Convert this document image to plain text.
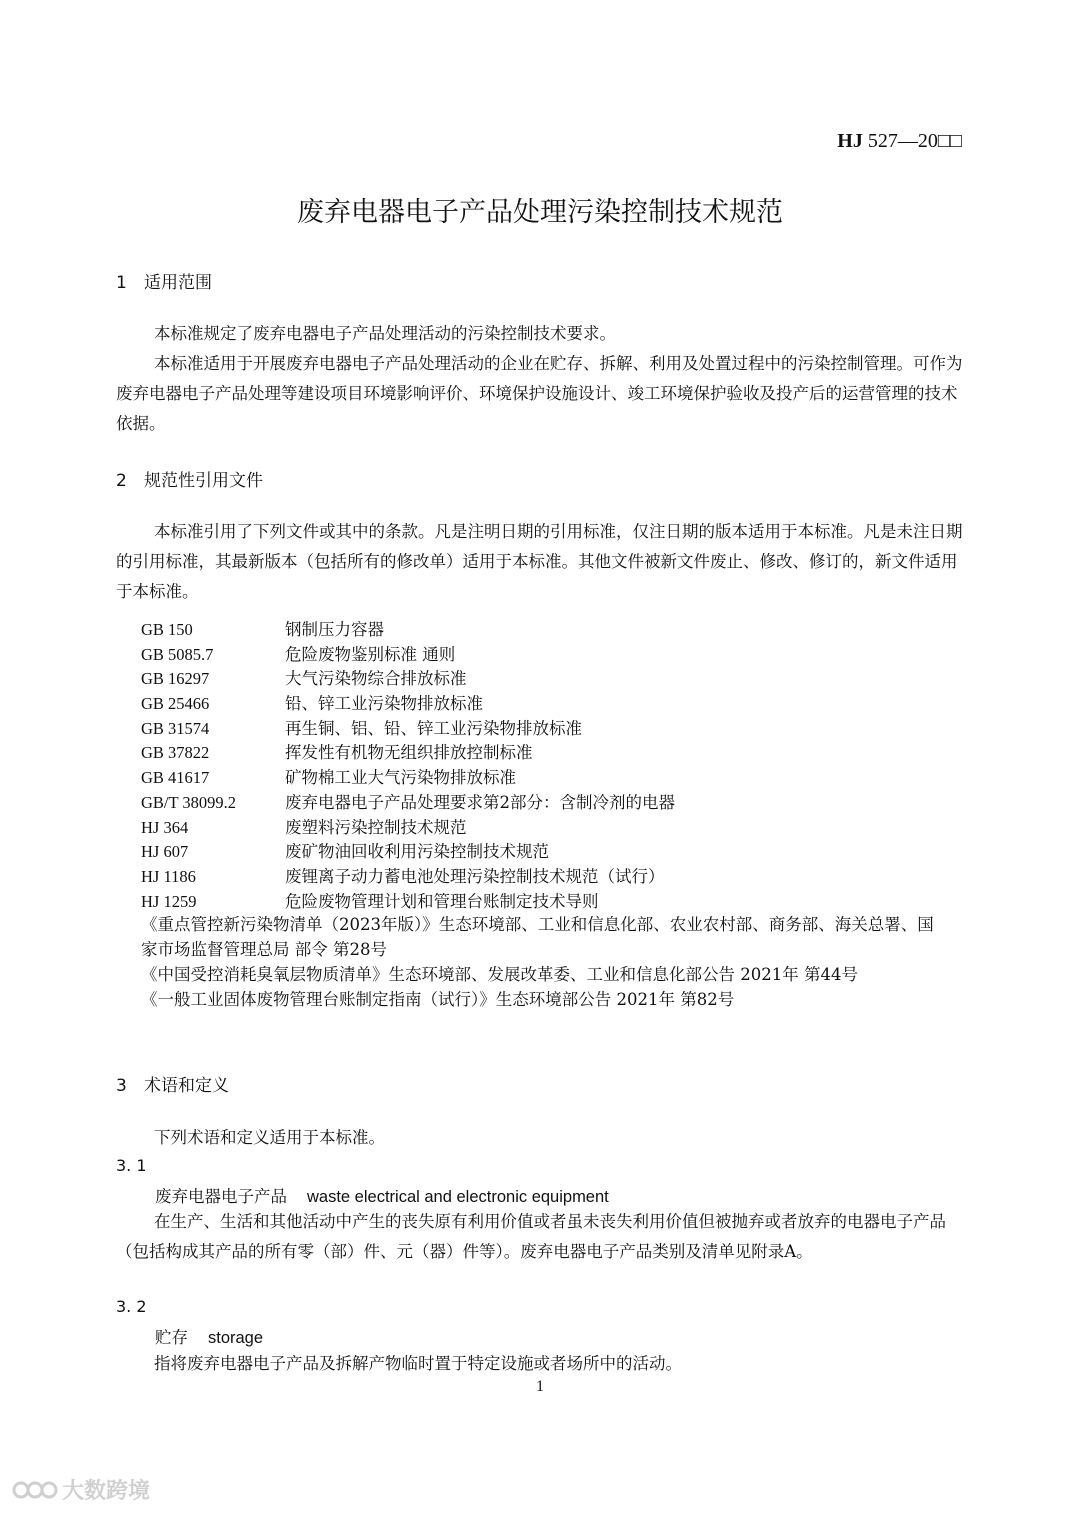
HJ 527—20□□
废弃电器电子产品处理污染控制技术规范
1 适用范围
本标准规定了废弃电器电子产品处理活动的污染控制技术要求。
本标准适用于开展废弃电器电子产品处理活动的企业在贮存、拆解、利用及处置过程中的污染控制管理。可作为废弃电器电子产品处理等建设项目环境影响评价、环境保护设施设计、竣工环境保护验收及投产后的运营管理的技术依据。
2 规范性引用文件
本标准引用了下列文件或其中的条款。凡是注明日期的引用标准，仅注日期的版本适用于本标准。凡是未注日期的引用标准，其最新版本（包括所有的修改单）适用于本标准。其他文件被新文件废止、修改、修订的，新文件适用于本标准。
GB 150	钢制压力容器
GB 5085.7	危险废物鉴别标准 通则
GB 16297	大气污染物综合排放标准
GB 25466	铅、锌工业污染物排放标准
GB 31574	再生铜、铝、铅、锌工业污染物排放标准
GB 37822	挥发性有机物无组织排放控制标准
GB 41617	矿物棉工业大气污染物排放标准
GB/T 38099.2	废弃电器电子产品处理要求第2部分：含制冷剂的电器
HJ 364	废塑料污染控制技术规范
HJ 607	废矿物油回收利用污染控制技术规范
HJ 1186	废锂离子动力蓄电池处理污染控制技术规范（试行）
HJ 1259	危险废物管理计划和管理台账制定技术导则
《重点管控新污染物清单（2023年版）》生态环境部、工业和信息化部、农业农村部、商务部、海关总署、国家市场监督管理总局 部令 第28号
《中国受控消耗臭氧层物质清单》生态环境部、发展改革委、工业和信息化部公告 2021年 第44号
《一般工业固体废物管理台账制定指南（试行）》生态环境部公告 2021年 第82号
3 术语和定义
下列术语和定义适用于本标准。
3. 1
废弃电器电子产品 waste electrical and electronic equipment
在生产、生活和其他活动中产生的丧失原有利用价值或者虽未丧失利用价值但被抛弃或者放弃的电器电子产品（包括构成其产品的所有零（部）件、元（器）件等）。废弃电器电子产品类别及清单见附录A。
3. 2
贮存 storage
指将废弃电器电子产品及拆解产物临时置于特定设施或者场所中的活动。
1
大数跨境
